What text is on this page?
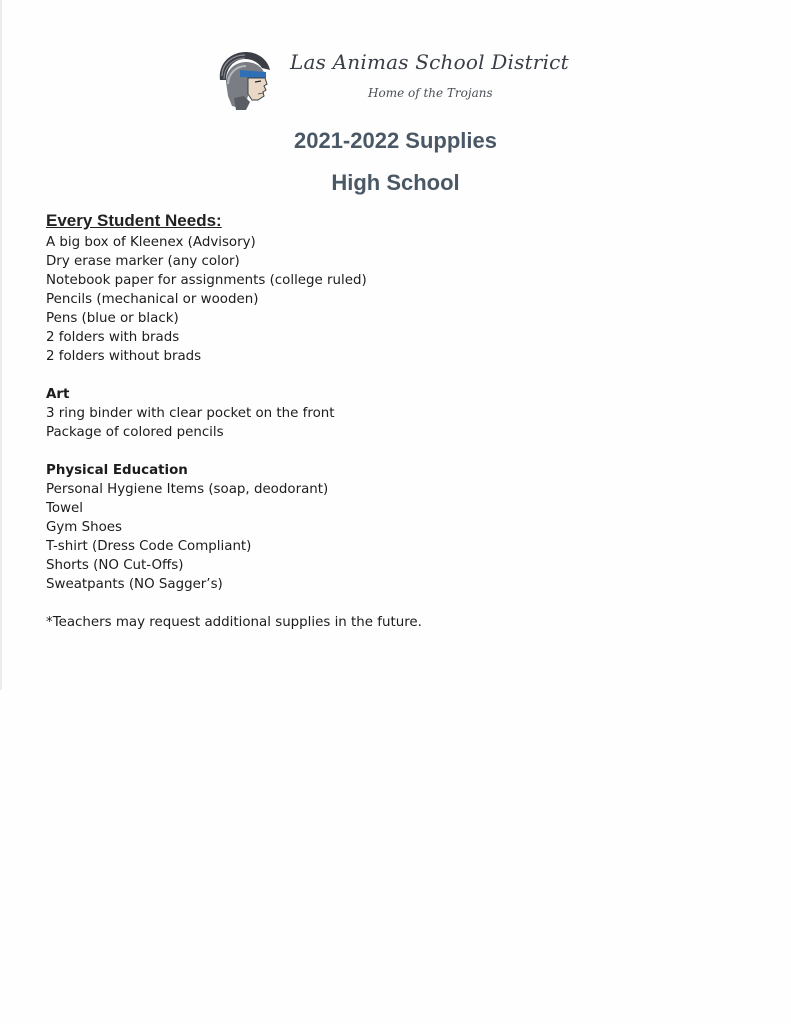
Las Animas School District
Home of the Trojans
2021-2022 Supplies
High School
Every Student Needs:
A big box of Kleenex (Advisory)
Dry erase marker (any color)
Notebook paper for assignments (college ruled)
Pencils (mechanical or wooden)
Pens (blue or black)
2 folders with brads
2 folders without brads
Art
3 ring binder with clear pocket on the front
Package of colored pencils
Physical Education
Personal Hygiene Items (soap, deodorant)
Towel
Gym Shoes
T-shirt (Dress Code Compliant)
Shorts (NO Cut-Offs)
Sweatpants (NO Sagger’s)
*Teachers may request additional supplies in the future.
